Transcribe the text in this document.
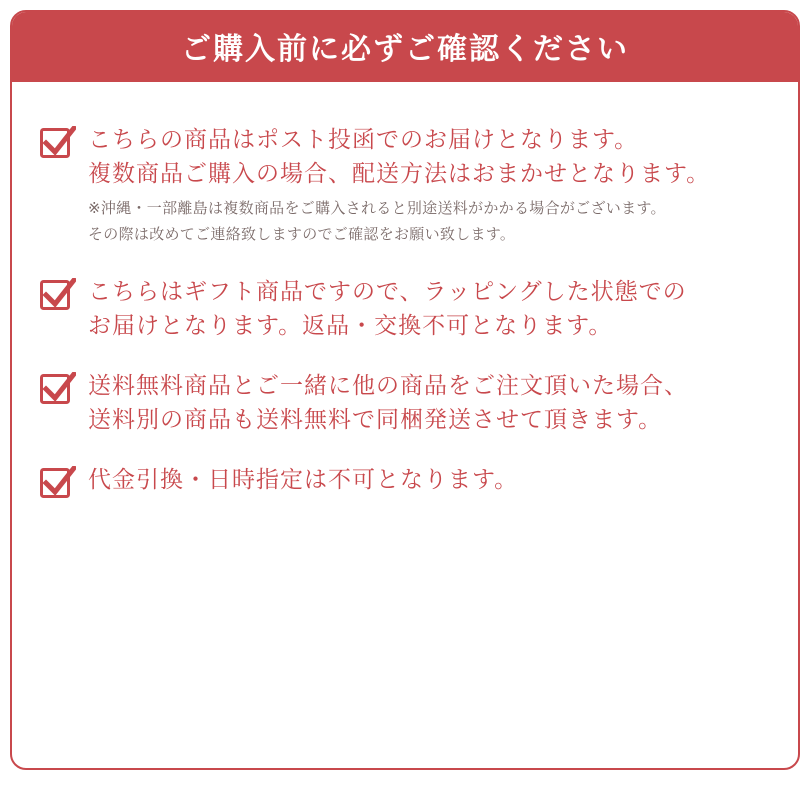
ご購入前に必ずご確認ください
こちらの商品はポスト投函でのお届けとなります。
複数商品ご購入の場合、配送方法はおまかせとなります。
※沖縄・一部離島は複数商品をご購入されると別途送料がかかる場合がございます。
その際は改めてご連絡致しますのでご確認をお願い致します。
こちらはギフト商品ですので、ラッピングした状態での
お届けとなります。返品・交換不可となります。
送料無料商品とご一緒に他の商品をご注文頂いた場合、
送料別の商品も送料無料で同梱発送させて頂きます。
代金引換・日時指定は不可となります。
